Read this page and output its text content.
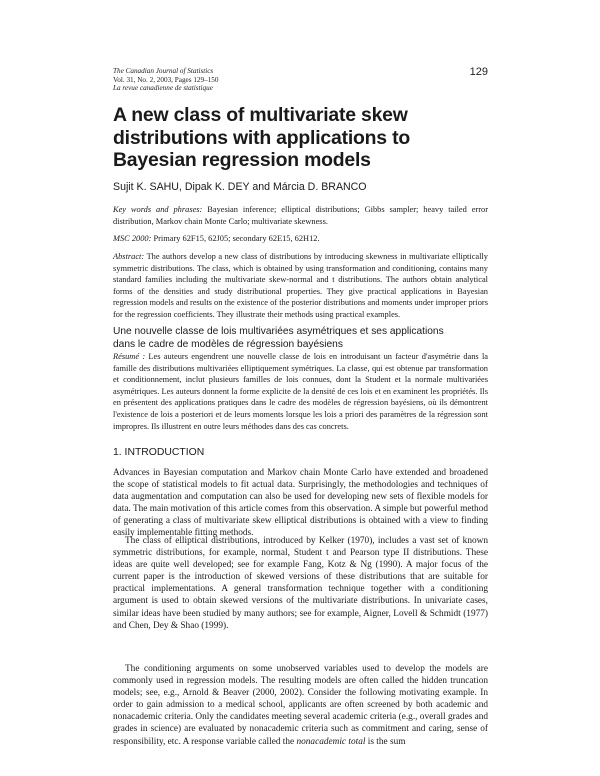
The Canadian Journal of Statistics
Vol. 31, No. 2, 2003, Pages 129–150
La revue canadienne de statistique
129
A new class of multivariate skew
distributions with applications to
Bayesian regression models
Sujit K. SAHU, Dipak K. DEY and Márcia D. BRANCO
Key words and phrases: Bayesian inference; elliptical distributions; Gibbs sampler; heavy tailed error distribution, Markov chain Monte Carlo; multivariate skewness.
MSC 2000: Primary 62F15, 62J05; secondary 62E15, 62H12.
Abstract: The authors develop a new class of distributions by introducing skewness in multivariate elliptically symmetric distributions. The class, which is obtained by using transformation and conditioning, contains many standard families including the multivariate skew-normal and t distributions. The authors obtain analytical forms of the densities and study distributional properties. They give practical applications in Bayesian regression models and results on the existence of the posterior distributions and moments under improper priors for the regression coefficients. They illustrate their methods using practical examples.
Une nouvelle classe de lois multivariées asymétriques et ses applications
dans le cadre de modèles de régression bayésiens
Résumé : Les auteurs engendrent une nouvelle classe de lois en introduisant un facteur d'asymétrie dans la famille des distributions multivariées elliptiquement symétriques. La classe, qui est obtenue par transformation et conditionnement, inclut plusieurs familles de lois connues, dont la Student et la normale multivariées asymétriques. Les auteurs donnent la forme explicite de la densité de ces lois et en examinent les propriétés. Ils en présentent des applications pratiques dans le cadre des modèles de régression bayésiens, où ils démontrent l'existence de lois a posteriori et de leurs moments lorsque les lois a priori des paramètres de la régression sont impropres. Ils illustrent en outre leurs méthodes dans des cas concrets.
1. INTRODUCTION

Advances in Bayesian computation and Markov chain Monte Carlo have extended and broadened the scope of statistical models to fit actual data. Surprisingly, the methodologies and techniques of data augmentation and computation can also be used for developing new sets of flexible models for data. The main motivation of this article comes from this observation. A simple but powerful method of generating a class of multivariate skew elliptical distributions is obtained with a view to finding easily implementable fitting methods.

The class of elliptical distributions, introduced by Kelker (1970), includes a vast set of known symmetric distributions, for example, normal, Student t and Pearson type II distributions. These ideas are quite well developed; see for example Fang, Kotz & Ng (1990). A major focus of the current paper is the introduction of skewed versions of these distributions that are suitable for practical implementations. A general transformation technique together with a conditioning argument is used to obtain skewed versions of the multivariate distributions. In univariate cases, similar ideas have been studied by many authors; see for example, Aigner, Lovell & Schmidt (1977) and Chen, Dey & Shao (1999).

The conditioning arguments on some unobserved variables used to develop the models are commonly used in regression models. The resulting models are often called the hidden truncation models; see, e.g., Arnold & Beaver (2000, 2002). Consider the following motivating example. In order to gain admission to a medical school, applicants are often screened by both academic and nonacademic criteria. Only the candidates meeting several academic criteria (e.g., overall grades and grades in science) are evaluated by nonacademic criteria such as commitment and caring, sense of responsibility, etc. A response variable called the nonacademic total is the sum
